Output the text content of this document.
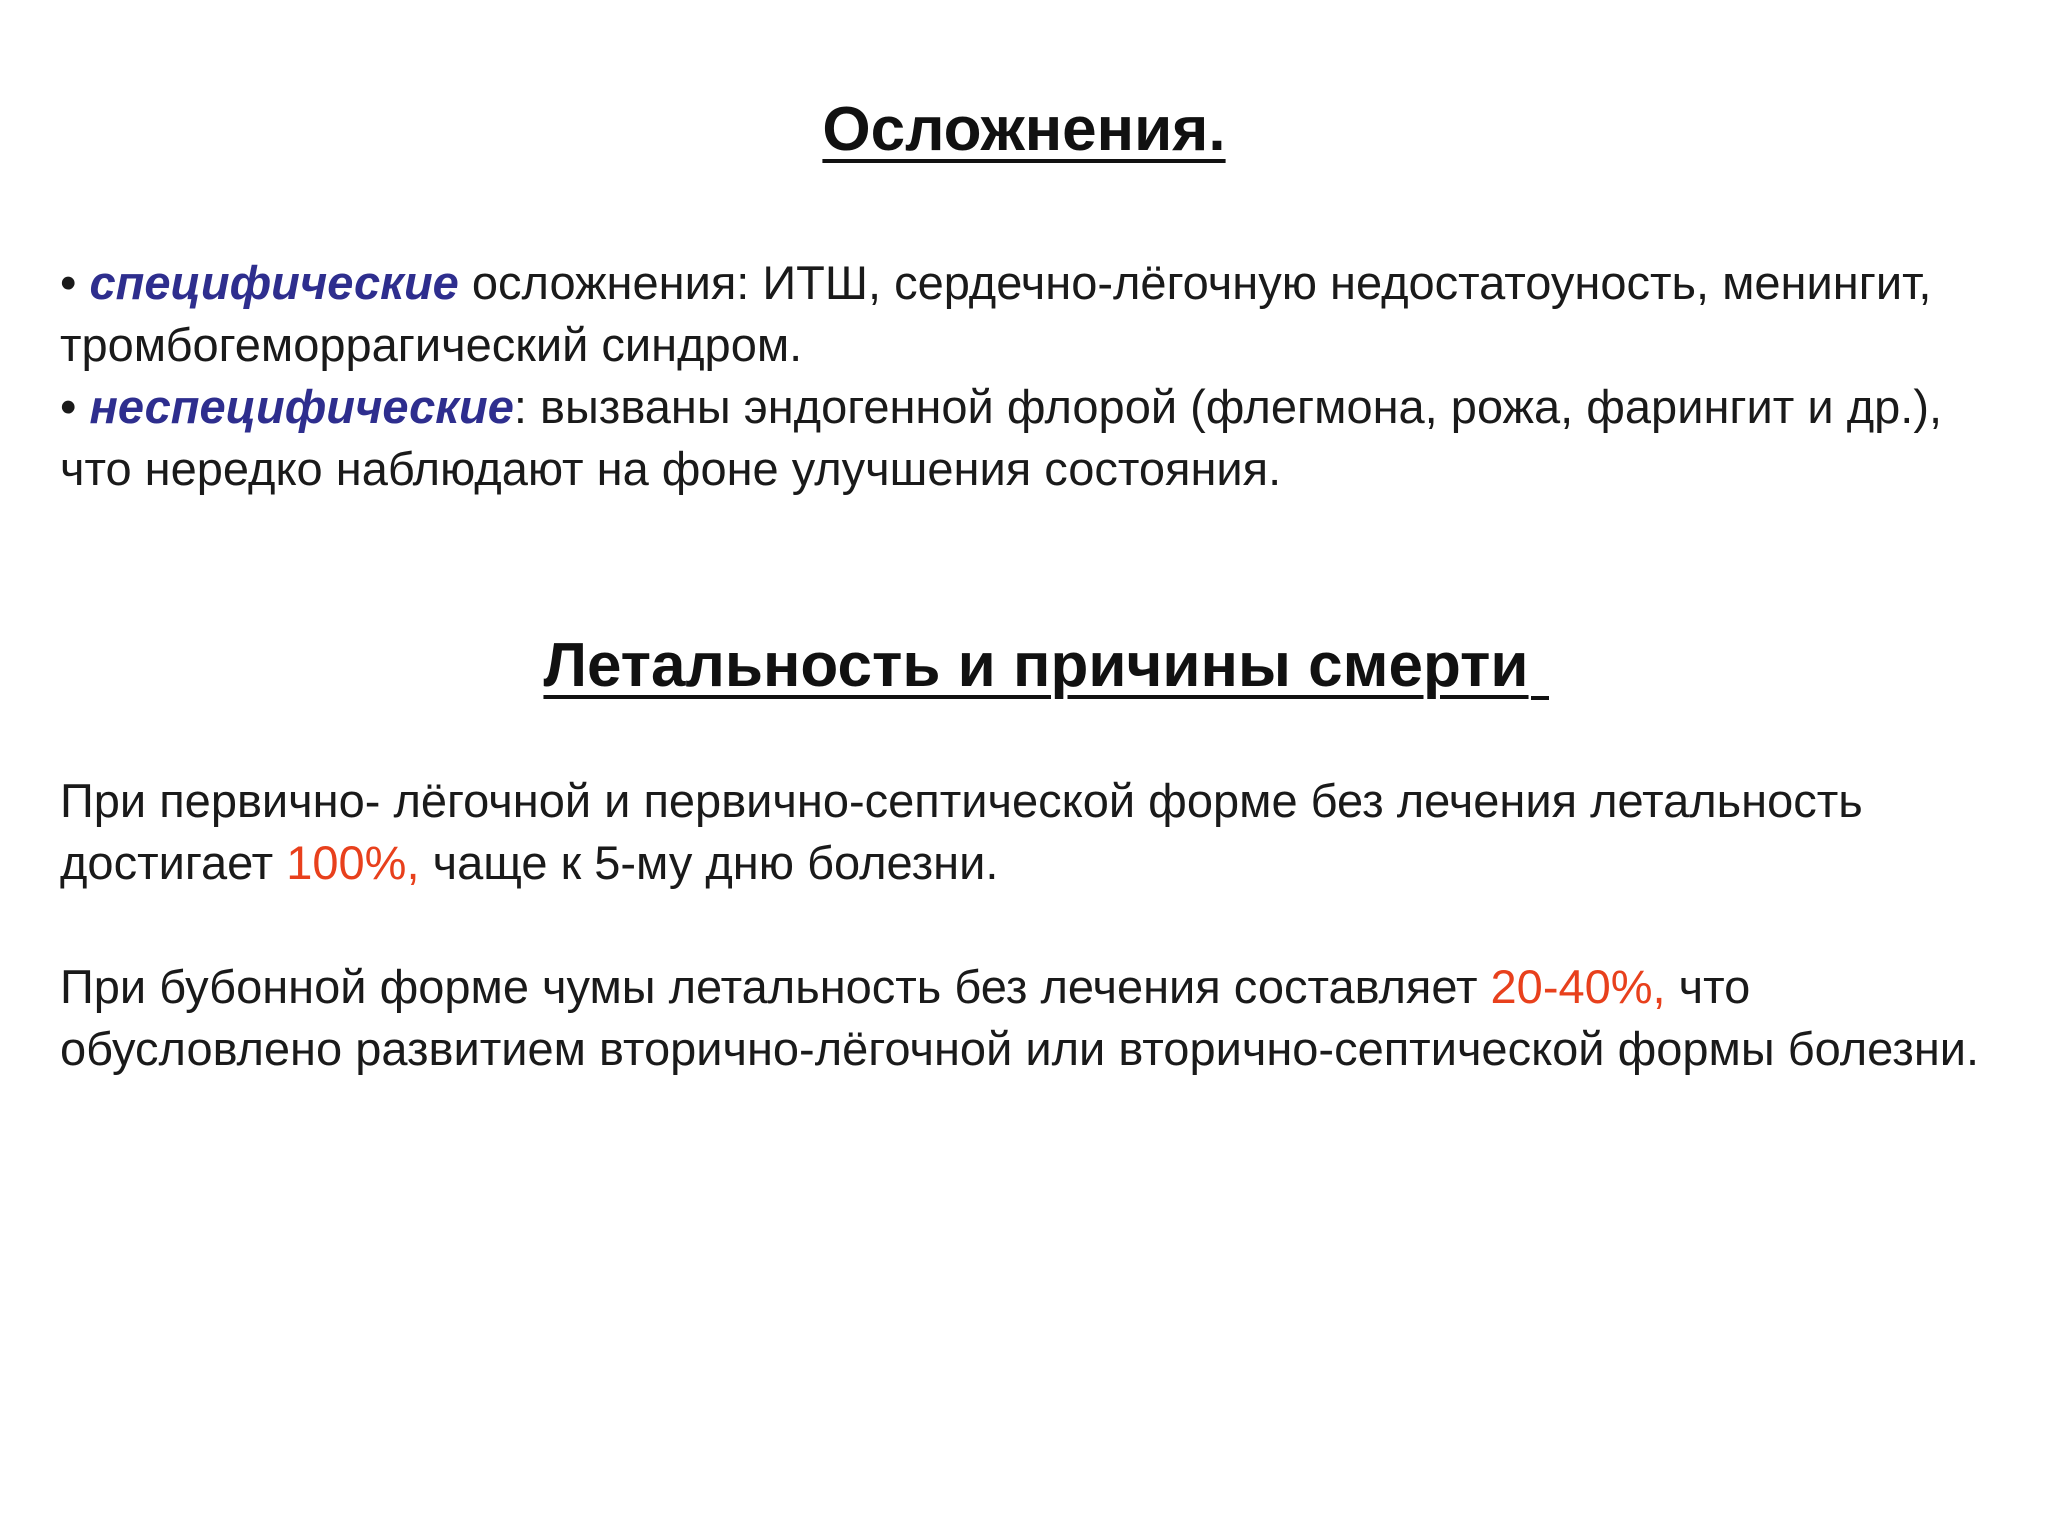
Осложнения.

• специфические осложнения: ИТШ, сердечно-лёгочную недостатоуность, менингит, тромбогеморрагический синдром.

• неспецифические: вызваны эндогенной флорой (флегмона, рожа, фарингит и др.), что нередко наблюдают на фоне улучшения состояния.

Летальность и причины смерти

При первично- лёгочной и первично-септической форме без лечения летальность достигает 100%, чаще к 5-му дню болезни.

При бубонной форме чумы летальность без лечения составляет 20-40%, что обусловлено развитием вторично-лёгочной или вторично-септической формы болезни.
